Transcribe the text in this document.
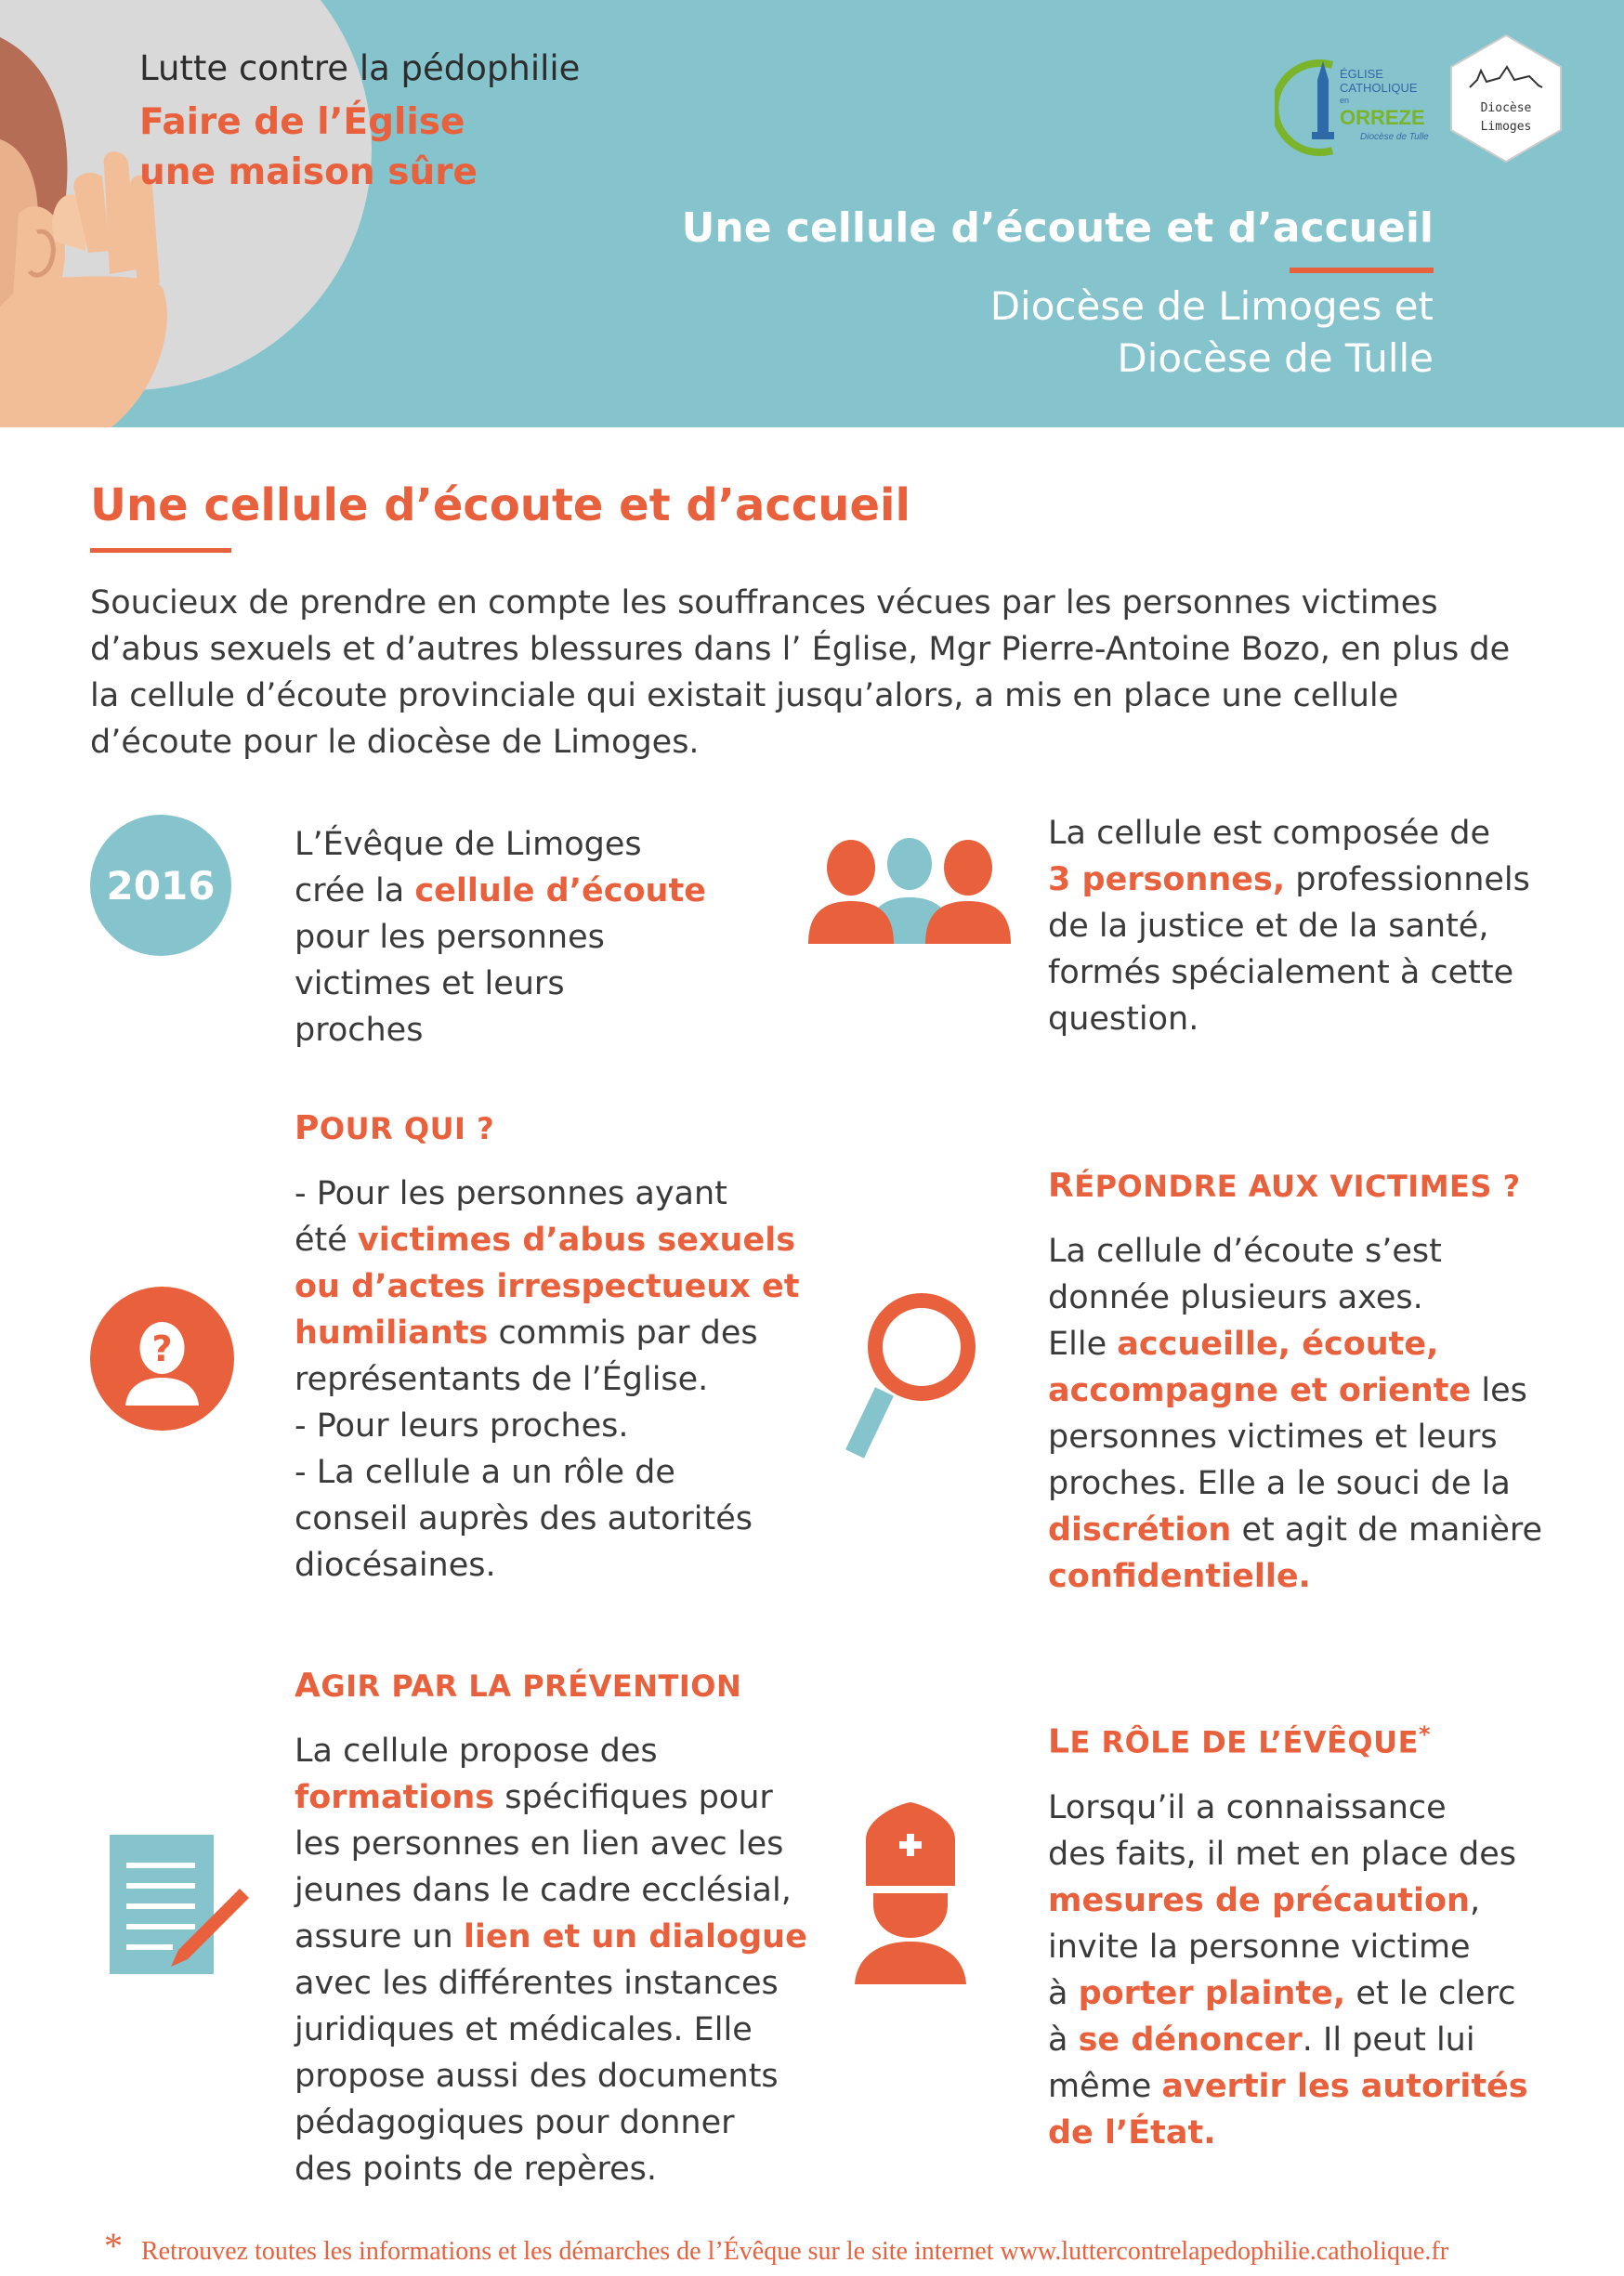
Lutte contre la pédophilie
Faire de l’Église
une maison sûre
ÉGLISE
CATHOLIQUE
en
ORREZE
Diocèse de Tulle
Diocèse
Limoges
Une cellule d’écoute et d’accueil
Diocèse de Limoges et
Diocèse de Tulle
Une cellule d’écoute et d’accueil
Soucieux de prendre en compte les souffrances vécues par les personnes victimes d’abus sexuels et d’autres blessures dans l’ Église, Mgr Pierre-Antoine Bozo, en plus de la cellule d’écoute provinciale qui existait jusqu’alors, a mis en place une cellule d’écoute pour le diocèse de Limoges.
2016

L’Évêque de Limoges

crée la cellule d’écoute

pour les personnes

victimes et leurs

proches

La cellule est composée de

3 personnes, professionnels

de la justice et de la santé,

formés spécialement à cette

question.

POUR QUI ?

- Pour les personnes ayant

été victimes d’abus sexuels

ou d’actes irrespectueux et

humiliants commis par des

représentants de l’Église.

- Pour leurs proches.

- La cellule a un rôle de

conseil auprès des autorités

diocésaines.

?

RÉPONDRE AUX VICTIMES ?

La cellule d’écoute s’est

donnée plusieurs axes.

Elle accueille, écoute,

accompagne et oriente les

personnes victimes et leurs

proches. Elle a le souci de la

discrétion et agit de manière

confidentielle.

AGIR PAR LA PRÉVENTION

La cellule propose des

formations spécifiques pour

les personnes en lien avec les

jeunes dans le cadre ecclésial,

assure un lien et un dialogue

avec les différentes instances

juridiques et médicales. Elle

propose aussi des documents

pédagogiques pour donner

des points de repères.

LE RÔLE DE L’ÉVÊQUE*

Lorsqu’il a connaissance

des faits, il met en place des

mesures de précaution,

invite la personne victime

à porter plainte, et le clerc

à se dénoncer. Il peut lui

même avertir les autorités

de l’État.

* Retrouvez toutes les informations et les démarches de l’Évêque sur le site internet www.luttercontrelapedophilie.catholique.fr
